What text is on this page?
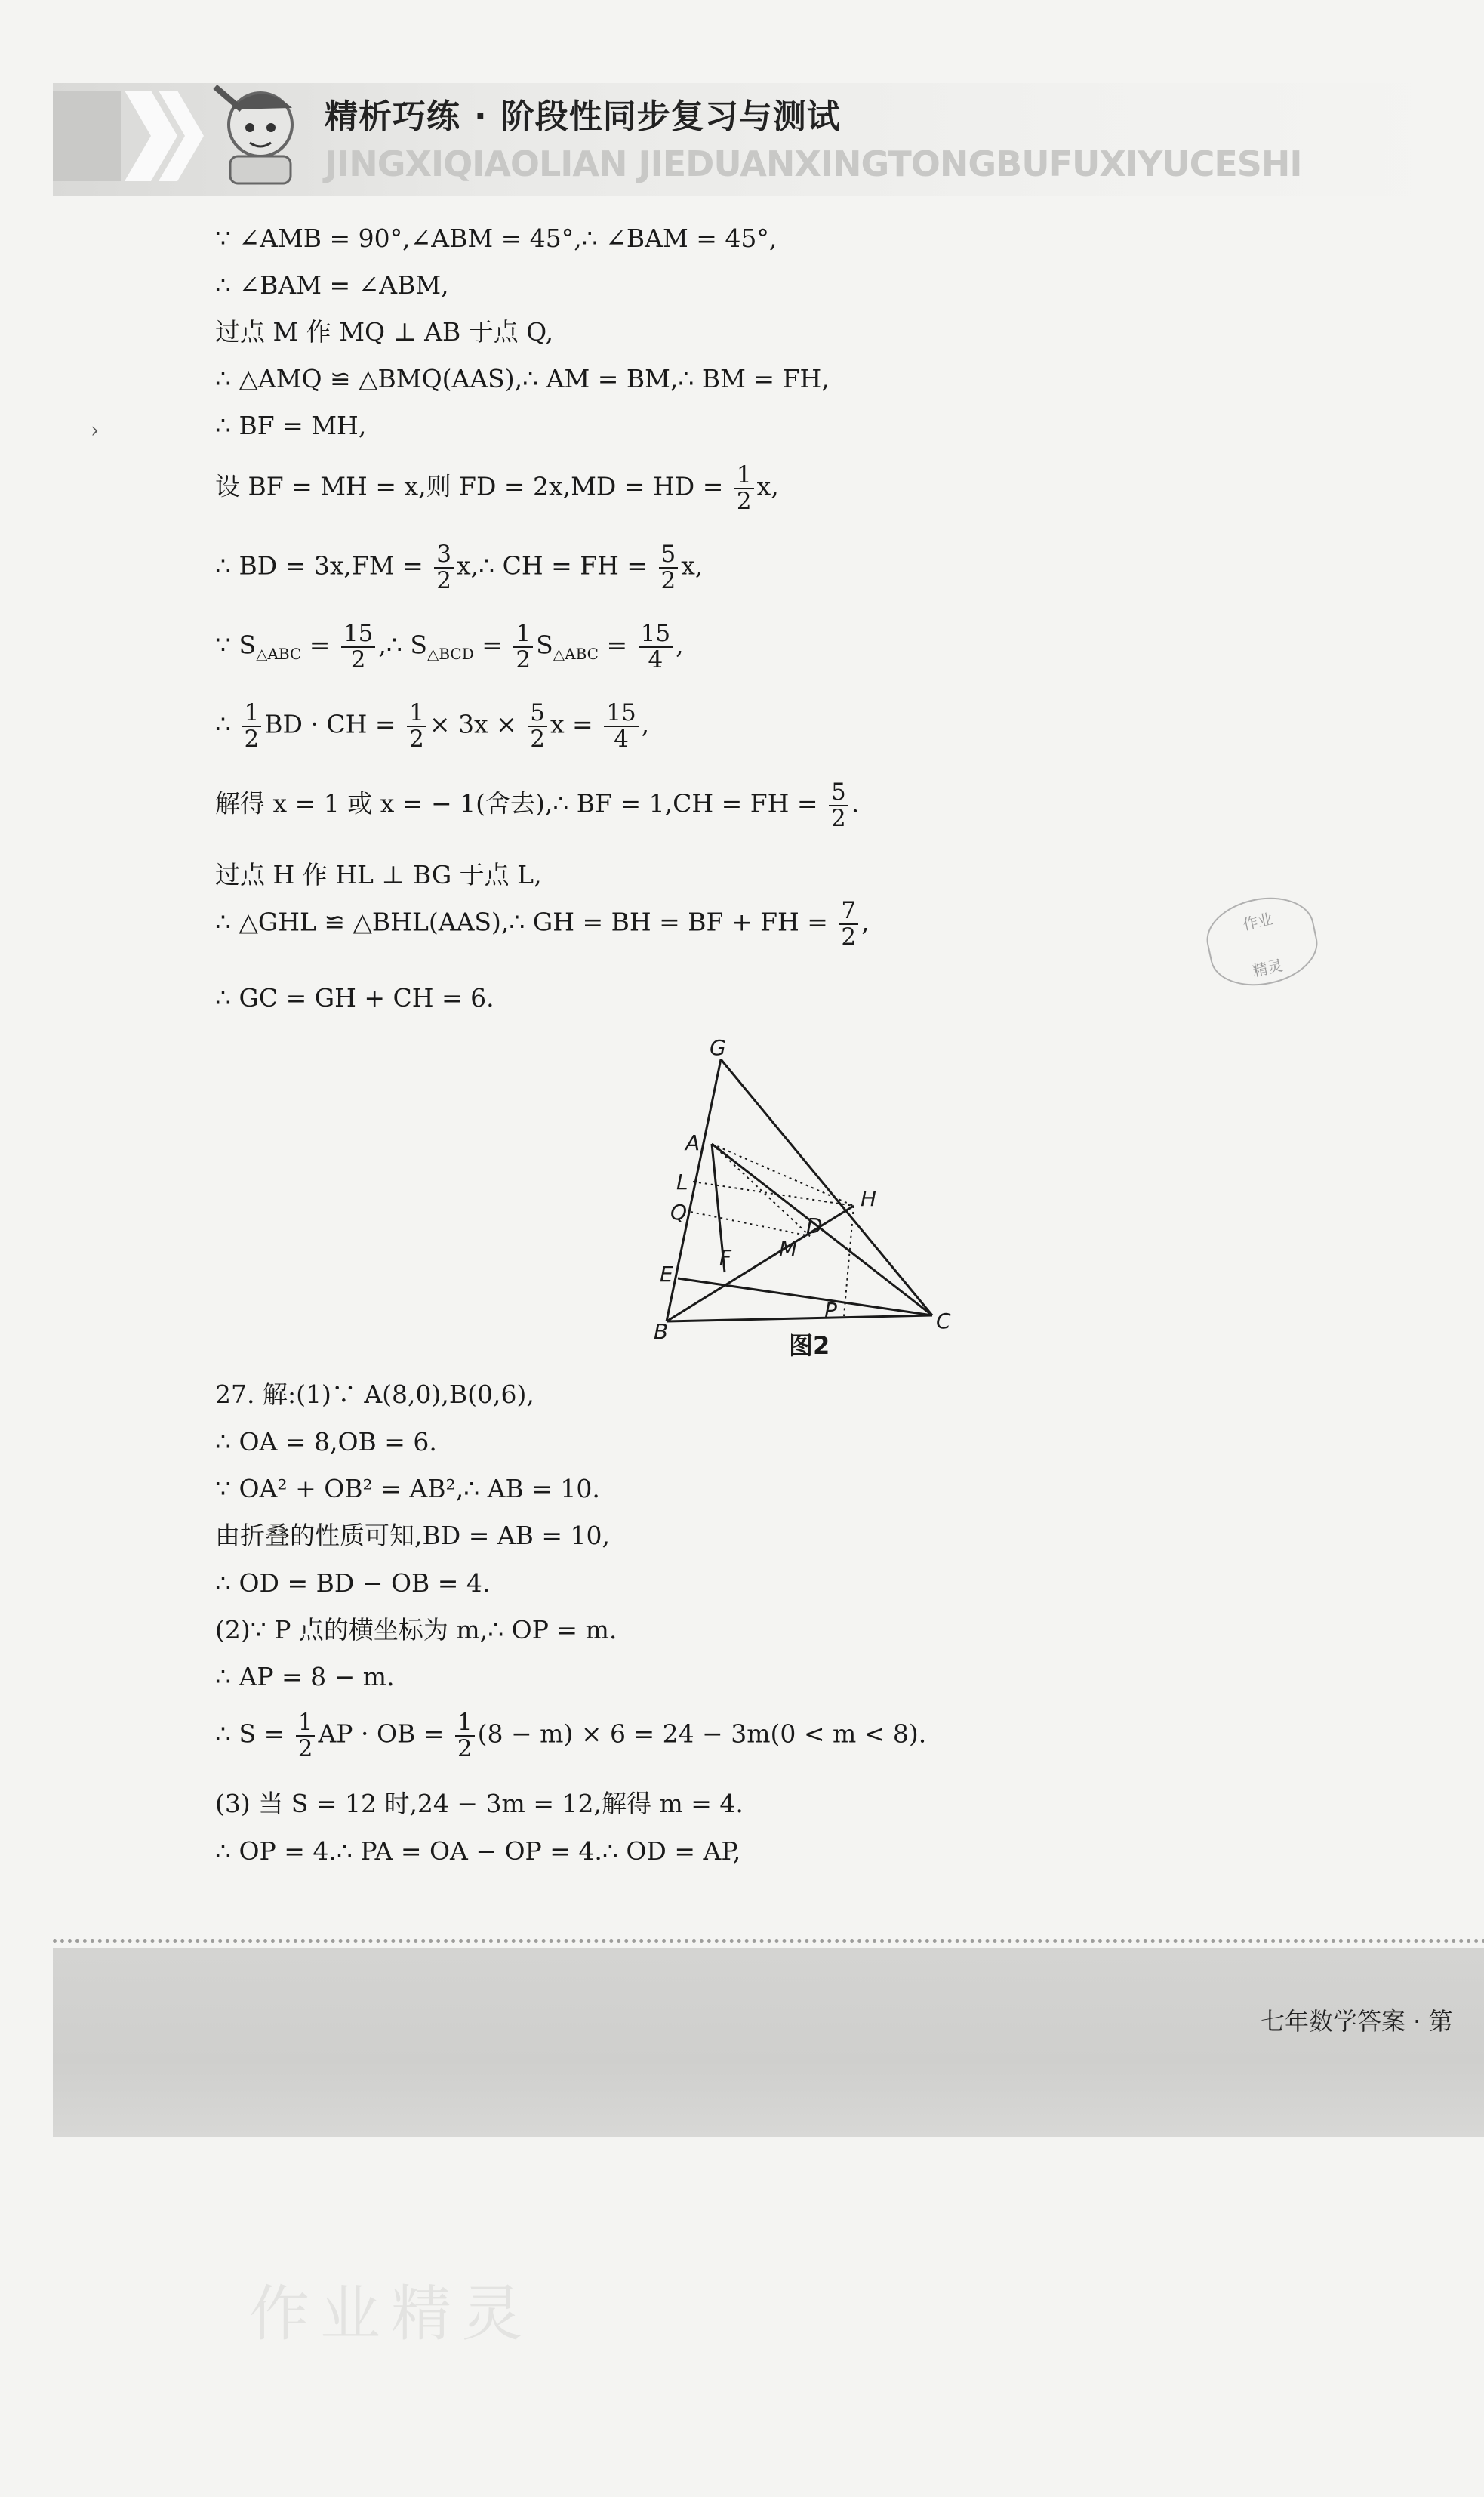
精析巧练 · 阶段性同步复习与测试
JINGXIQIAOLIAN JIEDUANXINGTONGBUFUXIYUCESHI
›
∵ ∠AMB = 90°,∠ABM = 45°,∴ ∠BAM = 45°,
∴ ∠BAM = ∠ABM,
过点 M 作 MQ ⊥ AB 于点 Q,
∴ △AMQ ≌ △BMQ(AAS),∴ AM = BM,∴ BM = FH,
∴ BF = MH,
设 BF = MH = x,则 FD = 2x,MD = HD = $\frac{1}{2} x$,
∴ BD = $3x,FM = \frac{3}{2}$ x,∴ CH = FH = $\frac{5}{2} x$,
∵ $S_{\triangle ABC} = \frac{15}{2}$ ,∴ $S_{\triangle BCD} = \frac{1}{2} S_{\triangle ABC} = \frac{15}{4}$ ,
∴ $\frac{1}{2}$ BD · CH = $\frac{1}{2} \times 3x \times \frac{5}{2}$ $x = \frac{15}{4}$ ,
解得 x = 1 或 x = − 1(舍去),∴ BF = 1,CH = FH = $\frac{5}{2}$ .
过点 H 作 HL ⊥ BG 于点 L,
∴ △GHL ≌ △BHL(AAS),∴ GH = BH = BF + FH = $\frac{7}{2}$ ,
∴ GC = GH + CH = 6.
27. 解:(1)∵ A(8,0),B(0,6),
∴ OA = 8,OB = 6.
∵ OA² + OB² = AB²,∴ AB = 10.
由折叠的性质可知,BD = AB = 10,
∴ OD = BD − OB = 4.
(2)∵ P 点的横坐标为 m,∴ OP = m.
∴ AP = 8 − m.
∴ $S = \frac{1}{2}$ AP · OB = $\frac{1}{2} (8 - m) \times 6 = 24 - 3m(0 < m < 8)$.
(3) 当 S = 12 时,24 − 3m = 12,解得 m = 4.
∴ OP = 4.∴ PA = OA − OP = 4.∴ OD = AP,
G
A
L
Q
H
D
M
E
F
B
P	C
图2
作业
精灵
七年数学答案 · 第
作业精灵
